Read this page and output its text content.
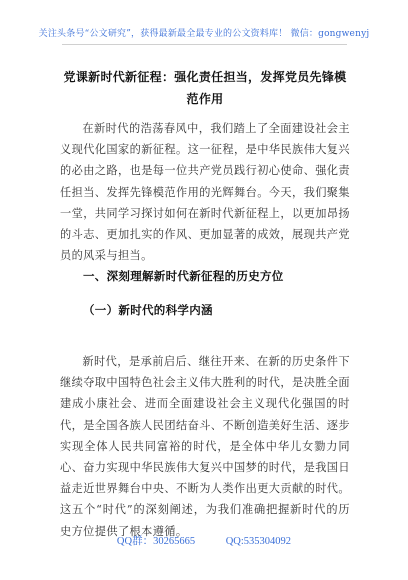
关注头条号“公文研究”，获得最新最全最专业的公文资料库！ 微信：gongwenyj
党课新时代新征程：强化责任担当，发挥党员先锋模范作用

在新时代的浩荡春风中，我们踏上了全面建设社会主义现代化国家的新征程。这一征程，是中华民族伟大复兴的必由之路，也是每一位共产党员践行初心使命、强化责任担当、发挥先锋模范作用的光辉舞台。今天，我们聚集一堂，共同学习探讨如何在新时代新征程上，以更加昂扬的斗志、更加扎实的作风、更加显著的成效，展现共产党员的风采与担当。

一、深刻理解新时代新征程的历史方位
（一）新时代的科学内涵

新时代，是承前启后、继往开来、在新的历史条件下继续夺取中国特色社会主义伟大胜利的时代，是决胜全面建成小康社会、进而全面建设社会主义现代化强国的时代，是全国各族人民团结奋斗、不断创造美好生活、逐步实现全体人民共同富裕的时代，是全体中华儿女勠力同心、奋力实现中华民族伟大复兴中国梦的时代，是我国日益走近世界舞台中央、不断为人类作出更大贡献的时代。这五个“时代”的深刻阐述，为我们准确把握新时代的历史方位提供了根本遵循。

QQ群：30265665	QQ:535304092
